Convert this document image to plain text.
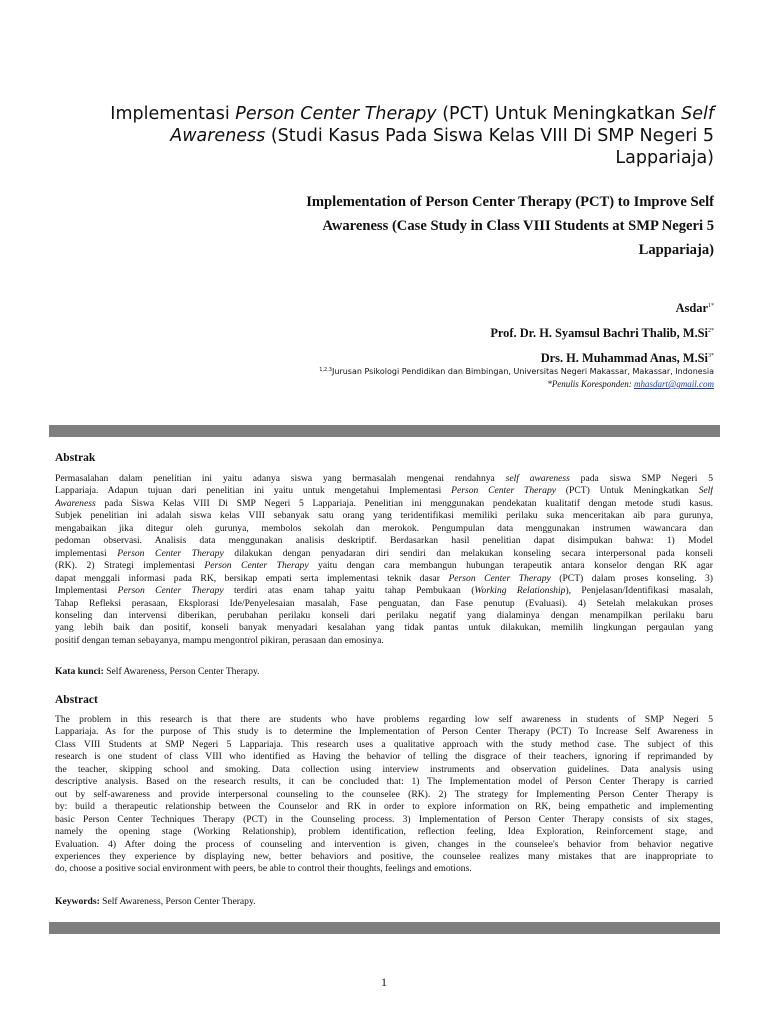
Implementasi Person Center Therapy (PCT) Untuk Meningkatkan Self
Awareness (Studi Kasus Pada Siswa Kelas VIII Di SMP Negeri 5
Lappariaja)
Implementation of Person Center Therapy (PCT) to Improve Self
Awareness (Case Study in Class VIII Students at SMP Negeri 5
Lappariaja)
Asdar$^{1*}$
Prof. Dr. H. Syamsul Bachri Thalib, $M.Si^{2*}$
Drs. H. Muhammad Anas, $M.Si^{3*}$
$^{1,2,3}$Jurusan Psikologi Pendidikan dan Bimbingan, Universitas Negeri Makassar, Makassar, Indonesia
*Penulis Koresponden: mhasdart@gmail.com
Abstrak
Permasalahan dalam penelitian ini yaitu adanya siswa yang bermasalah mengenai rendahnya self awareness pada siswa SMP Negeri 5
Lappariaja. Adapun tujuan dari penelitian ini yaitu untuk mengetahui Implementasi Person Center Therapy (PCT) Untuk Meningkatkan Self
Awareness pada Siswa Kelas VIII Di SMP Negeri 5 Lappariaja. Penelitian ini menggunakan pendekatan kualitatif dengan metode studi kasus.
Subjek penelitian ini adalah siswa kelas VIII sebanyak satu orang yang teridentifikasi memiliki perilaku suka menceritakan aib para gurunya,
mengabaikan jika ditegur oleh gurunya, membolos sekolah dan merokok. Pengumpulan data menggunakan instrumen wawancara dan
pedoman observasi. Analisis data menggunakan analisis deskriptif. Berdasarkan hasil penelitian dapat disimpukan bahwa: 1) Model
implementasi Person Center Therapy dilakukan dengan penyadaran diri sendiri dan melakukan konseling secara interpersonal pada konseli
(RK). 2) Strategi implementasi Person Center Therapy yaitu dengan cara membangun hubungan terapeutik antara konselor dengan RK agar
dapat menggali informasi pada RK, bersikap empati serta implementasi teknik dasar Person Center Therapy (PCT) dalam proses konseling. 3)
Implementasi Person Center Therapy terdiri atas enam tahap yaitu tahap Pembukaan (Working Relationship), Penjelasan/Identifikasi masalah,
Tahap Refleksi perasaan, Eksplorasi Ide/Penyelesaian masalah, Fase penguatan, dan Fase penutup (Evaluasi). 4) Setelah melakukan proses
konseling dan intervensi diberikan, perubahan perilaku konseli dari perilaku negatif yang dialaminya dengan menampilkan perilaku baru
yang lebih baik dan positif, konseli banyak menyadari kesalahan yang tidak pantas untuk dilakukan, memilih lingkungan pergaulan yang
positif dengan teman sebayanya, mampu mengontrol pikiran, perasaan dan emosinya.
Kata kunci: Self Awareness, Person Center Therapy.
Abstract
The problem in this research is that there are students who have problems regarding low self awareness in students of SMP Negeri 5
Lappariaja. As for the purpose of This study is to determine the Implementation of Person Center Therapy (PCT) To Increase Self Awareness in
Class VIII Students at SMP Negeri 5 Lappariaja. This research uses a qualitative approach with the study method case. The subject of this
research is one student of class VIII who identified as Having the behavior of telling the disgrace of their teachers, ignoring if reprimanded by
the teacher, skipping school and smoking. Data collection using interview instruments and observation guidelines. Data analysis using
descriptive analysis. Based on the research results, it can be concluded that: 1) The Implementation model of Person Center Therapy is carried
out by self-awareness and provide interpersonal counseling to the counselee (RK). 2) The strategy for Implementing Person Center Therapy is
by: build a therapeutic relationship between the Counselor and RK in order to explore information on RK, being empathetic and implementing
basic Person Center Techniques Therapy (PCT) in the Counseling process. 3) Implementation of Person Center Therapy consists of six stages,
namely the opening stage (Working Relationship), problem identification, reflection feeling, Idea Exploration, Reinforcement stage, and
Evaluation. 4) After doing the process of counseling and intervention is given, changes in the counselee's behavior from behavior negative
experiences they experience by displaying new, better behaviors and positive, the counselee realizes many mistakes that are inappropriate to
do, choose a positive social environment with peers, be able to control their thoughts, feelings and emotions.
Keywords: Self Awareness, Person Center Therapy.
1
